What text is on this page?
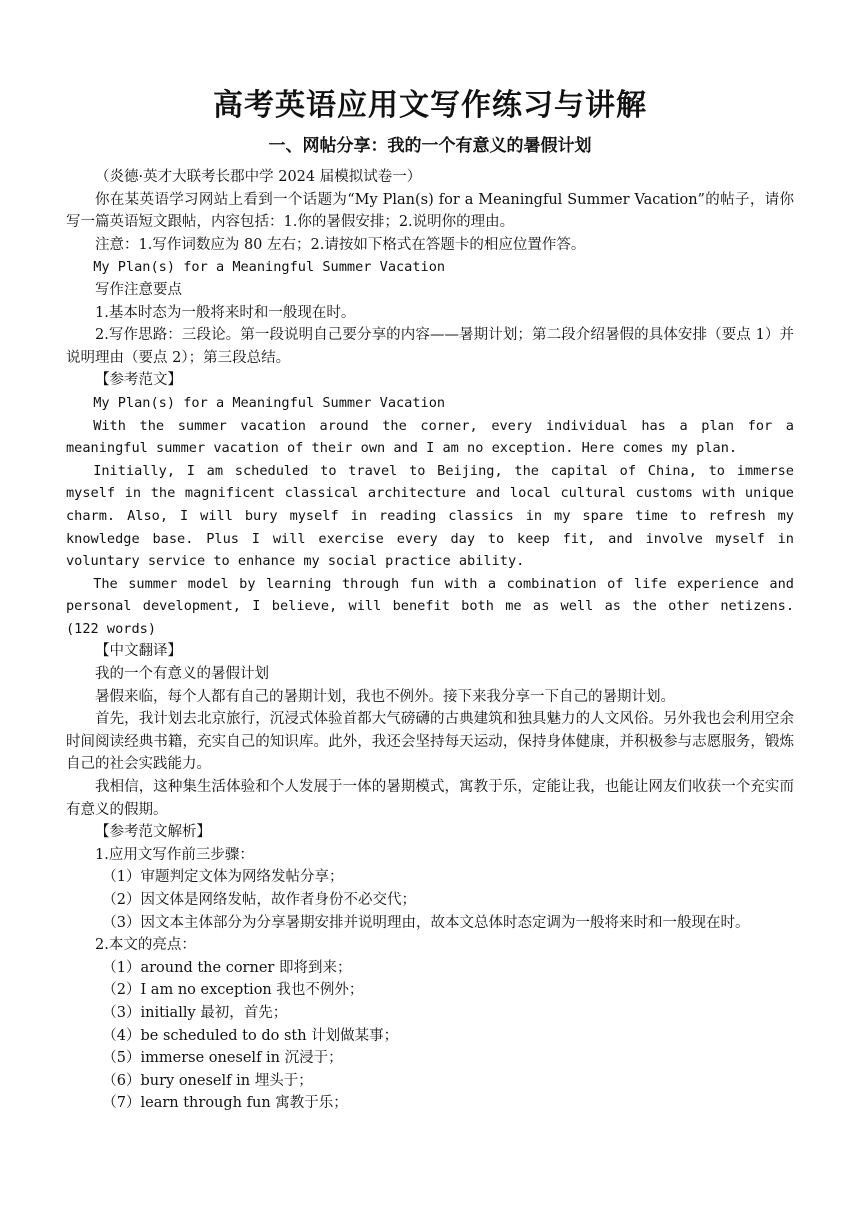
高考英语应用文写作练习与讲解
一、网帖分享：我的一个有意义的暑假计划

（炎德·英才大联考长郡中学 2024 届模拟试卷一）

你在某英语学习网站上看到一个话题为“My Plan(s) for a Meaningful Summer Vacation”的帖子，请你写一篇英语短文跟帖，内容包括：1.你的暑假安排；2.说明你的理由。

注意：1.写作词数应为 80 左右；2.请按如下格式在答题卡的相应位置作答。

My Plan(s) for a Meaningful Summer Vacation

写作注意要点

1.基本时态为一般将来时和一般现在时。

2.写作思路：三段论。第一段说明自己要分享的内容——暑期计划；第二段介绍暑假的具体安排（要点 1）并说明理由（要点 2）；第三段总结。

【参考范文】

My Plan(s) for a Meaningful Summer Vacation

With the summer vacation around the corner, every individual has a plan for a meaningful summer vacation of their own and I am no exception. Here comes my plan.

Initially, I am scheduled to travel to Beijing, the capital of China, to immerse myself in the magnificent classical architecture and local cultural customs with unique charm. Also, I will bury myself in reading classics in my spare time to refresh my knowledge base. Plus I will exercise every day to keep fit, and involve myself in voluntary service to enhance my social practice ability.

The summer model by learning through fun with a combination of life experience and personal development, I believe, will benefit both me as well as the other netizens. (122 words)

【中文翻译】

我的一个有意义的暑假计划

暑假来临，每个人都有自己的暑期计划，我也不例外。接下来我分享一下自己的暑期计划。

首先，我计划去北京旅行，沉浸式体验首都大气磅礴的古典建筑和独具魅力的人文风俗。另外我也会利用空余时间阅读经典书籍，充实自己的知识库。此外，我还会坚持每天运动，保持身体健康，并积极参与志愿服务，锻炼自己的社会实践能力。

我相信，这种集生活体验和个人发展于一体的暑期模式，寓教于乐，定能让我，也能让网友们收获一个充实而有意义的假期。

【参考范文解析】

1.应用文写作前三步骤：

（1）审题判定文体为网络发帖分享；

（2）因文体是网络发帖，故作者身份不必交代；

（3）因文本主体部分为分享暑期安排并说明理由，故本文总体时态定调为一般将来时和一般现在时。

2.本文的亮点：

（1）around the corner 即将到来；

（2）I am no exception 我也不例外；

（3）initially 最初，首先；

（4）be scheduled to do sth 计划做某事；

（5）immerse oneself in 沉浸于；

（6）bury oneself in 埋头于；

（7）learn through fun 寓教于乐；
